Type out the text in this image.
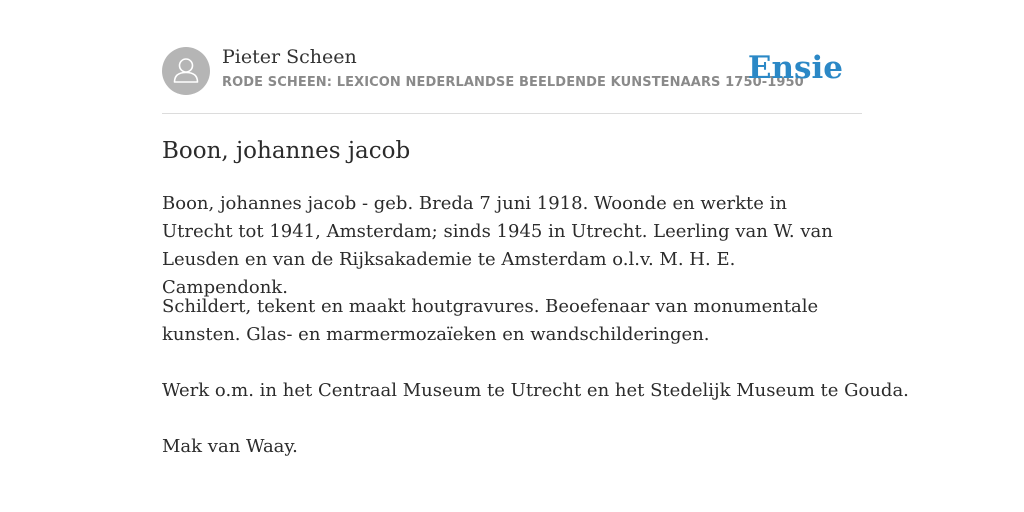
Pieter Scheen
RODE SCHEEN: LEXICON NEDERLANDSE BEELDENDE KUNSTENAARS 1750-1950
Ensie
Boon, johannes jacob

Boon, johannes jacob - geb. Breda 7 juni 1918. Woonde en werkte in Utrecht tot 1941, Amsterdam; sinds 1945 in Utrecht. Leerling van W. van Leusden en van de Rijksakademie te Amsterdam o.l.v. M. H. E. Campendonk.

Schildert, tekent en maakt houtgravures. Beoefenaar van monumentale kunsten. Glas- en marmermozaïeken en wandschilderingen.

Werk o.m. in het Centraal Museum te Utrecht en het Stedelijk Museum te Gouda.

Mak van Waay.
